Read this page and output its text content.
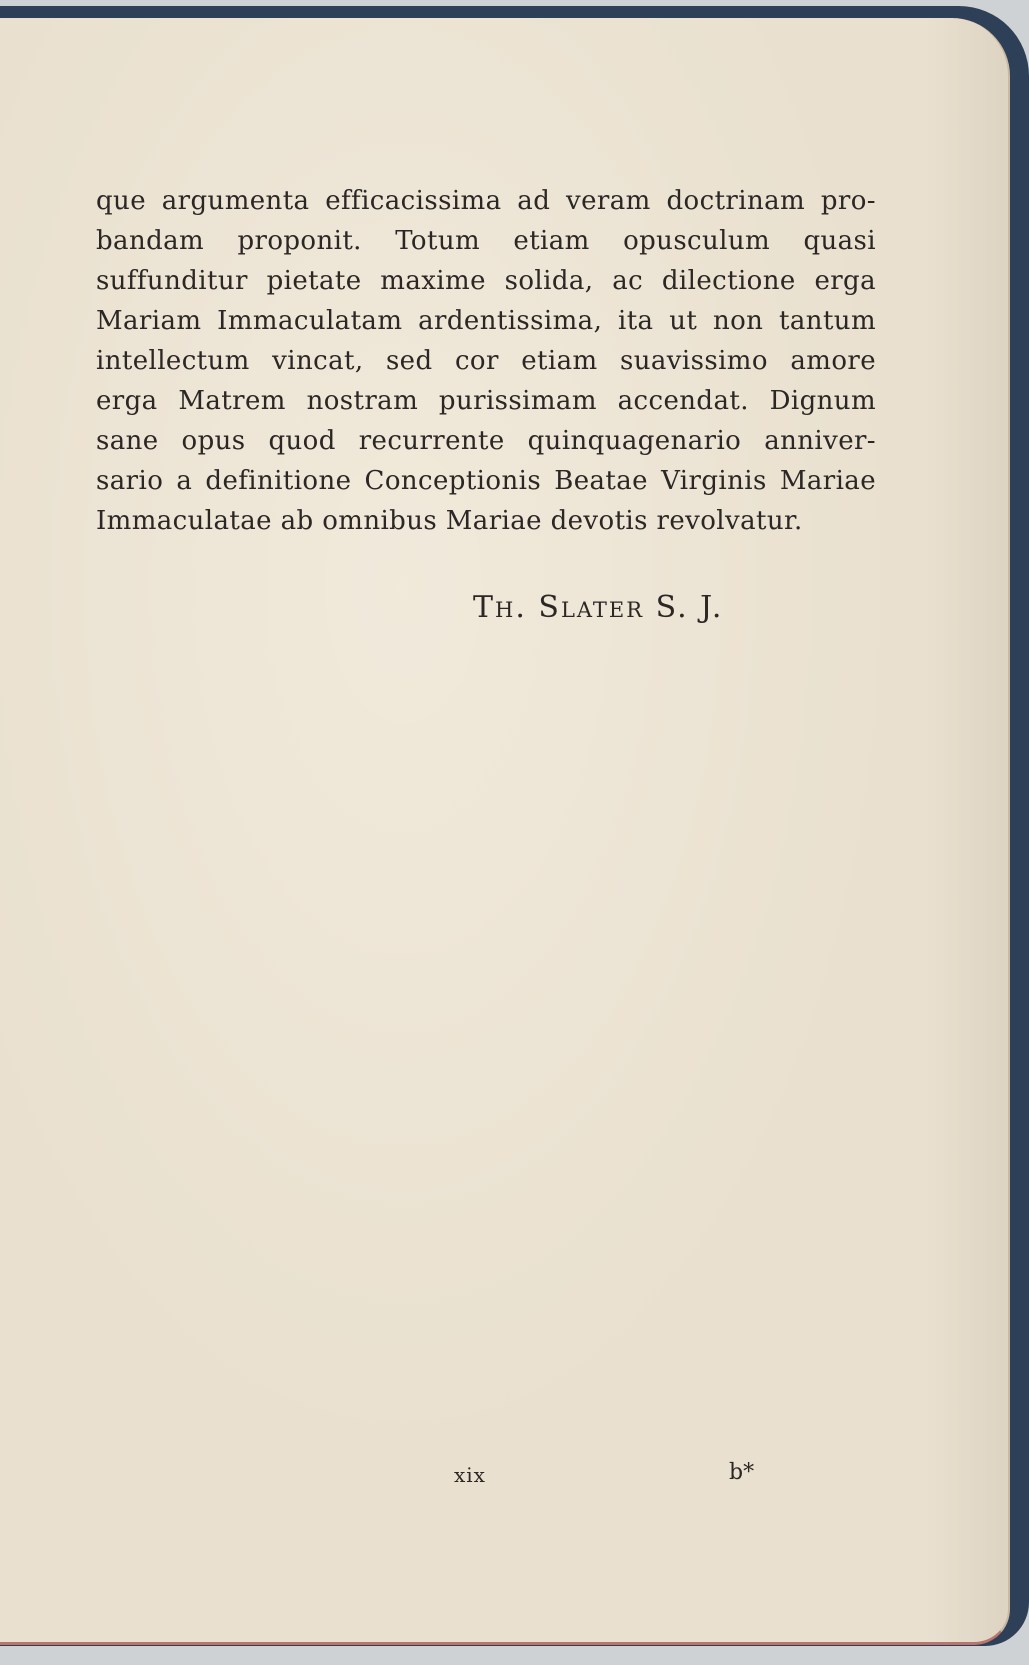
que argumenta efficacissima ad veram doctrinam pro-
bandam proponit. Totum etiam opusculum quasi
suffunditur pietate maxime solida, ac dilectione erga
Mariam Immaculatam ardentissima, ita ut non tantum
intellectum vincat, sed cor etiam suavissimo amore
erga Matrem nostram purissimam accendat. Dignum
sane opus quod recurrente quinquagenario anniver-
sario a definitione Conceptionis Beatae Virginis Mariae
Immaculatae ab omnibus Mariae devotis revolvatur.
Th. Slater S. J.
xix	b*
